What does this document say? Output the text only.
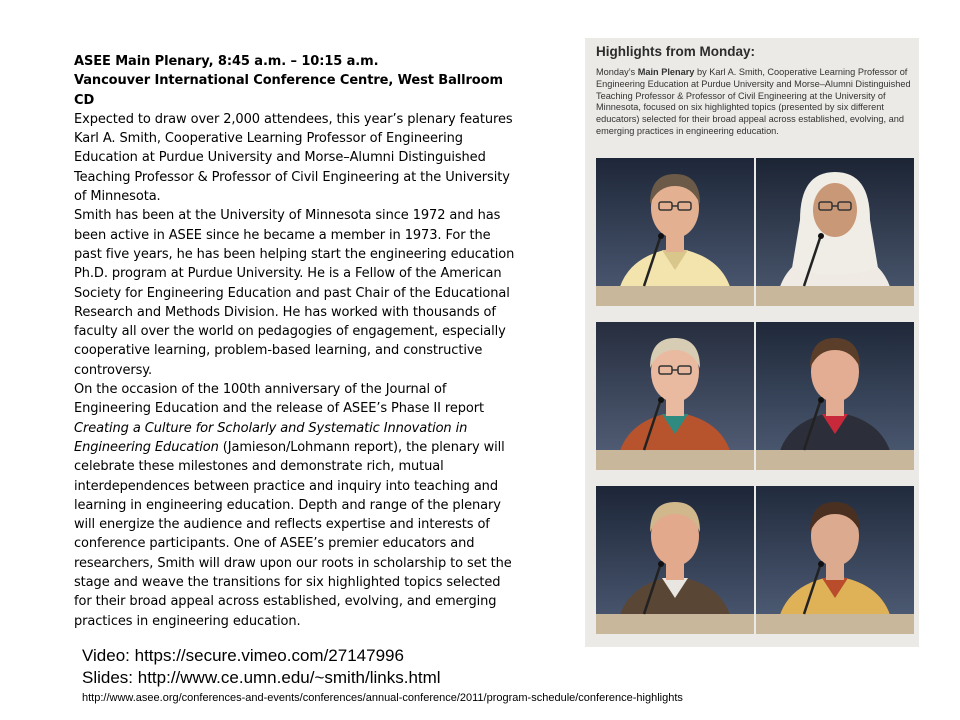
ASEE Main Plenary, 8:45 a.m. – 10:15 a.m.

Vancouver International Conference Centre, West Ballroom CD

Expected to draw over 2,000 attendees, this year’s plenary features Karl A. Smith, Cooperative Learning Professor of Engineering Education at Purdue University and Morse–Alumni Distinguished Teaching Professor & Professor of Civil Engineering at the University of Minnesota.

Smith has been at the University of Minnesota since 1972 and has been active in ASEE since he became a member in 1973. For the past five years, he has been helping start the engineering education Ph.D. program at Purdue University. He is a Fellow of the American Society for Engineering Education and past Chair of the Educational Research and Methods Division. He has worked with thousands of faculty all over the world on pedagogies of engagement, especially cooperative learning, problem-based learning, and constructive controversy.

On the occasion of the 100th anniversary of the Journal of Engineering Education and the release of ASEE’s Phase II report Creating a Culture for Scholarly and Systematic Innovation in Engineering Education (Jamieson/Lohmann report), the plenary will celebrate these milestones and demonstrate rich, mutual interdependences between practice and inquiry into teaching and learning in engineering education. Depth and range of the plenary will energize the audience and reflects expertise and interests of conference participants. One of ASEE’s premier educators and researchers, Smith will draw upon our roots in scholarship to set the stage and weave the transitions for six highlighted topics selected for their broad appeal across established, evolving, and emerging practices in engineering education.

Highlights from Monday:
Monday’s Main Plenary by Karl A. Smith, Cooperative Learning Professor of Engineering Education at Purdue University and Morse–Alumni Distinguished Teaching Professor & Professor of Civil Engineering at the University of Minnesota, focused on six highlighted topics (presented by six different educators) selected for their broad appeal across established, evolving, and emerging practices in engineering education.
Video: https://secure.vimeo.com/27147996
Slides: http://www.ce.umn.edu/~smith/links.html
http://www.asee.org/conferences-and-events/conferences/annual-conference/2011/program-schedule/conference-highlights
